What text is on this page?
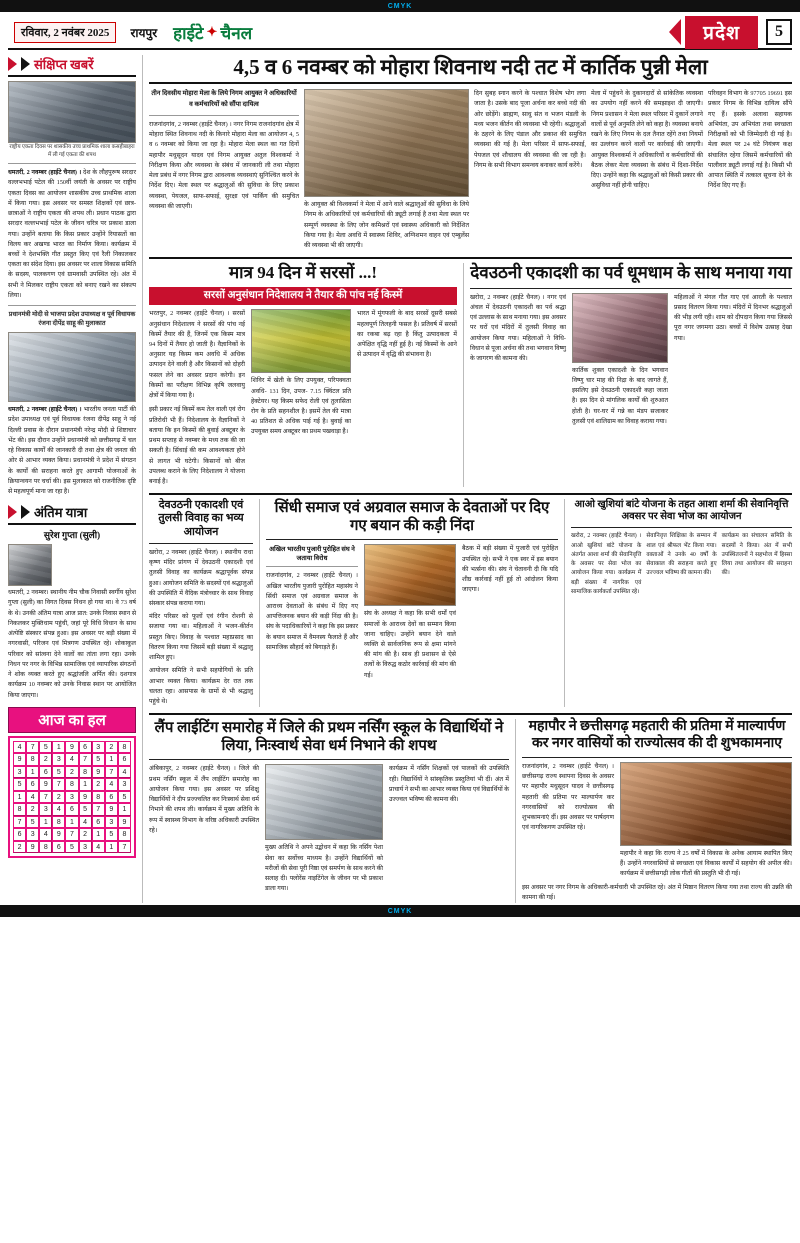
CMYK
रविवार, 2 नवंबर 2025	रायपुर हाईटे ✦ चैनल	प्रदेश	5
संक्षिप्त खबरें
राष्ट्रीय एकता दिवस पर शासकीय उच्च प्राथमिक शाला कसहीबाहरा में ली गई एकता की शपथ
धमतरी, 2 नवम्बर (हाईटे चैनल) । देश के लौहपुरूष सरदार वल्लभभाई पटेल की 150वीं जयंती के अवसर पर राष्ट्रीय एकता दिवस का आयोजन शासकीय उच्च प्राथमिक शाला में किया गया। इस अवसर पर समस्त शिक्षकों एवं छात्र-छात्राओं ने राष्ट्रीय एकता की शपथ ली। प्रधान पाठक द्वारा सरदार वल्लभभाई पटेल के जीवन चरित्र पर प्रकाश डाला गया। उन्होंने बताया कि किस प्रकार उन्होंने रियासतों का विलय कर अखण्ड भारत का निर्माण किया। कार्यक्रम में बच्चों ने देशभक्ति गीत प्रस्तुत किए एवं रैली निकालकर एकता का संदेश दिया। इस अवसर पर शाला विकास समिति के सदस्य, पालकगण एवं ग्रामवासी उपस्थित रहे। अंत में सभी ने मिलकर राष्ट्रीय एकता को बनाए रखने का संकल्प लिया।
प्रधानमंत्री मोदी से भाजपा प्रदेश उपाध्यक्ष व पूर्व विधायक रंजना दीपेंद्र साहू की मुलाकात
धमतरी, 2 नवम्बर (हाईटे चैनल) । भारतीय जनता पार्टी की प्रदेश उपाध्यक्ष एवं पूर्व विधायक रंजना दीपेंद्र साहू ने नई दिल्ली प्रवास के दौरान प्रधानमंत्री नरेन्द्र मोदी से शिष्टाचार भेंट की। इस दौरान उन्होंने प्रधानमंत्री को छत्तीसगढ़ में चल रहे विकास कार्यों की जानकारी दी तथा क्षेत्र की जनता की ओर से आभार व्यक्त किया। प्रधानमंत्री ने प्रदेश में संगठन के कार्यों की सराहना करते हुए आगामी योजनाओं के क्रियान्वयन पर चर्चा की। इस मुलाकात को राजनीतिक दृष्टि से महत्वपूर्ण माना जा रहा है।
अंतिम यात्रा
सुरेश गुप्ता (सुली)
धमतरी, 2 नवम्बर। स्थानीय नीम चौक निवासी स्वर्गीय सुरेश गुप्ता (सुली) का विगत दिवस निधन हो गया था। वे 73 वर्ष के थे। उनकी अंतिम यात्रा आज प्रात: उनके निवास स्थान से निकलकर मुक्तिधाम पहुंची, जहां पूरे विधि विधान के साथ अंत्येष्टि संस्कार संपन्न हुआ। इस अवसर पर बड़ी संख्या में नगरवासी, परिजन एवं मित्रगण उपस्थित रहे। शोकाकुल परिवार को सांत्वना देने वालों का तांता लगा रहा। उनके निधन पर नगर के विभिन्न सामाजिक एवं व्यापारिक संगठनों ने शोक व्यक्त करते हुए श्रद्धांजलि अर्पित की। दशगात्र कार्यक्रम 10 नवम्बर को उनके निवास स्थान पर आयोजित किया जाएगा।
आज का हल
4	7	5	1	9	6	3	2	8
9	8	2	3	4	7	5	1	6
3	1	6	5	2	8	9	7	4
5	6	9	7	8	1	2	4	3
1	4	7	2	3	9	8	6	5
8	2	3	4	6	5	7	9	1
7	5	1	8	1	4	6	3	9
6	3	4	9	7	2	1	5	8
2	9	8	6	5	3	4	1	7
4,5 व 6 नवम्बर को मोहारा शिवनाथ नदी तट में कार्तिक पुन्नी मेला
तीन दिवसीय मोहारा मेला के लिये निगम आयुक्त ने अधिकारियों व कर्मचारियों को सौंपा दायित्व
राजनांदगांव, 2 नवम्बर (हाईटे चैनल) । नगर निगम राजनांदगांव क्षेत्र में मोहारा स्थित शिवनाथ नदी के किनारे मोहारा मेला का आयोजन 4, 5 व 6 नवम्बर को किया जा रहा है। मोहारा मेला स्थल का गत दिनों महापौर मधुसूदन यादव एवं निगम आयुक्त अतुल विश्वकर्मा ने निरीक्षण किया और व्यवस्था के संबंध में जानकारी ली तथा मोहारा मेला प्रबंध में नगर निगम द्वारा आवश्यक व्यवस्थाएं सुनिश्चित करने के निर्देश दिए। मेला स्थल पर श्रद्धालुओं की सुविधा के लिए प्रकाश व्यवस्था, पेयजल, साफ-सफाई, सुरक्षा एवं पार्किंग की समुचित व्यवस्था की जाएगी।	के आयुक्त श्री विश्वकर्मा ने मेला में आने वाले श्रद्धालुओं की सुविधा के लिये निगम के अधिकारियों एवं कर्मचारियों की ड्यूटी लगाई है तथा मेला स्थल पर सम्पूर्ण व्यवस्था के लिए जोन कमिश्नरों एवं स्वास्थ्य अधिकारी को निर्देशित किया गया है। मेला अवधि में स्वास्थ्य शिविर, अग्निशमन वाहन एवं एम्बुलेंस की व्यवस्था भी की जाएगी।
दिन सुबह स्नान करने के पश्चात विशेष भोग लगा जाता है। उसके बाद पूजा अर्चना कर बच्चे नदी की ओर छोड़ेंगे। ब्राह्मण, साधु संत व भजन मंडली के मध्य भजन कीर्तन की व्यवस्था भी रहेगी। श्रद्धालुओं के ठहरने के लिए पंडाल और प्रकाश की समुचित व्यवस्था की गई है। मेला परिसर में साफ-सफाई, पेयजल एवं शौचालय की व्यवस्था की जा रही है। निगम के सभी विभाग समन्वय बनाकर कार्य करेंगे।
मेला में पहुंचने के दुकानदारों से सांकेतिक व्यवस्था का उपयोग नहीं करने की समझाइश दी जाएगी। निगम प्रशासन ने मेला स्थल परिसर में दुकानें लगाने वालों से पूर्व अनुमति लेने को कहा है। व्यवस्था बनाये रखने के लिए निगम के दल तैनात रहेंगे तथा नियमों का उल्लंघन करने वालों पर कार्रवाई की जाएगी। आयुक्त विश्वकर्मा ने अधिकारियों व कर्मचारियों की बैठक लेकर मेला व्यवस्था के संबंध में दिशा-निर्देश दिए। उन्होंने कहा कि श्रद्धालुओं को किसी प्रकार की असुविधा नहीं होनी चाहिए।
परिवहन विभाग के 97705 19691 इस प्रकार निगम के विभिन्न दायित्व सौंपे गए हैं। इसके अलावा सहायक अभियंता, उप अभियंता तथा स्वच्छता निरीक्षकों को भी जिम्मेदारी दी गई है। मेला स्थल पर 24 घंटे नियंत्रण कक्ष संचालित रहेगा जिसमें कर्मचारियों की पालीवार ड्यूटी लगाई गई है। किसी भी आपात स्थिति में तत्काल सूचना देने के निर्देश दिए गए हैं।
मात्र 94 दिन में सरसों ...!
सरसों अनुसंधान निदेशालय ने तैयार की पांच नई किस्में
भरतपुर, 2 नवम्बर (हाईटे चैनल) । सरसों अनुसंधान निदेशालय ने सरसों की पांच नई किस्में तैयार की हैं, जिनमें एक किस्म मात्र 94 दिनों में तैयार हो जाती है। वैज्ञानिकों के अनुसार यह किस्म कम अवधि में अधिक उत्पादन देने वाली है और किसानों को दोहरी फसल लेने का अवसर प्रदान करेगी। इन किस्मों का परीक्षण विभिन्न कृषि जलवायु क्षेत्रों में किया गया है।
इसी प्रकार नई किस्में कम तेल वाली एवं रोग प्रतिरोधी भी हैं। निदेशालय के वैज्ञानिकों ने बताया कि इन किस्मों की बुवाई अक्टूबर के प्रथम सप्ताह से नवम्बर के मध्य तक की जा सकती है। सिंचाई की कम आवश्यकता होने से लागत भी घटेगी। किसानों को बीज उपलब्ध कराने के लिए निदेशालय ने योजना बनाई है।
शिविर में खेती के लिए उपयुक्त, परिपक्वता अवधि- 131 दिन, उपज- 7.15 क्विंटल प्रति हेक्टेयर। यह किस्म सफेद रोली एवं तुलासिता रोग के प्रति सहनशील है। इसमें तेल की मात्रा 40 प्रतिशत से अधिक पाई गई है। बुवाई का उपयुक्त समय अक्टूबर का प्रथम पखवाड़ा है।
भारत में मूंगफली के बाद सरसों दूसरी सबसे महत्वपूर्ण तिलहनी फसल है। प्रतिवर्ष में सरसों का रकबा बढ़ रहा है किंतु उत्पादकता में अपेक्षित वृद्धि नहीं हुई है। नई किस्मों के आने से उत्पादन में वृद्धि की संभावना है।
देवउठनी एकादशी का पर्व धूमधाम के साथ मनाया गया
खरोरा, 2 नवम्बर (हाईटे चैनल) । नगर एवं अंचल में देवउठनी एकादशी का पर्व श्रद्धा एवं उल्लास के साथ मनाया गया। इस अवसर पर घरों एवं मंदिरों में तुलसी विवाह का आयोजन किया गया। महिलाओं ने विधि-विधान से पूजा अर्चना की तथा भगवान विष्णु के जागरण की कामना की।
कार्तिक शुक्ल एकादशी के दिन भगवान विष्णु चार माह की निद्रा के बाद जागते हैं, इसलिए इसे देवउठनी एकादशी कहा जाता है। इस दिन से मांगलिक कार्यों की शुरुआत होती है। घर-घर में गन्ने का मंडप सजाकर तुलसी एवं शालिग्राम का विवाह कराया गया।
महिलाओं ने मंगल गीत गाए एवं आरती के पश्चात प्रसाद वितरण किया गया। मंदिरों में दिनभर श्रद्धालुओं की भीड़ लगी रही। शाम को दीपदान किया गया जिससे पूरा नगर जगमगा उठा। बच्चों में विशेष उत्साह देखा गया।
देवउठनी एकादशी एवं तुलसी विवाह का भव्य आयोजन
खरोरा, 2 नवम्बर (हाईटे चैनल) । स्थानीय राधा कृष्ण मंदिर प्रांगण में देवउठनी एकादशी एवं तुलसी विवाह का कार्यक्रम श्रद्धापूर्वक संपन्न हुआ। आयोजन समिति के सदस्यों एवं श्रद्धालुओं की उपस्थिति में वैदिक मंत्रोच्चार के साथ विवाह संस्कार संपन्न कराया गया।
मंदिर परिसर को फूलों एवं रंगीन रोशनी से सजाया गया था। महिलाओं ने भजन-कीर्तन प्रस्तुत किए। विवाह के पश्चात महाप्रसाद का वितरण किया गया जिसमें बड़ी संख्या में श्रद्धालु शामिल हुए।
आयोजन समिति ने सभी सहयोगियों के प्रति आभार व्यक्त किया। कार्यक्रम देर रात तक चलता रहा। आसपास के ग्रामों से भी श्रद्धालु पहुंचे थे।
सिंधी समाज एवं अग्रवाल समाज के देवताओं पर दिए गए बयान की कड़ी निंदा
अखिल भारतीय पुजारी पुरोहित संघ ने जताया विरोध
राजनांदगांव, 2 नवम्बर (हाईटे चैनल) । अखिल भारतीय पुजारी पुरोहित महासंघ ने सिंधी समाज एवं अग्रवाल समाज के आराध्य देवताओं के संबंध में दिए गए आपत्तिजनक बयान की कड़ी निंदा की है। संघ के पदाधिकारियों ने कहा कि इस प्रकार के बयान समाज में वैमनस्य फैलाते हैं और सामाजिक सौहार्द को बिगाड़ते हैं।
संघ के अध्यक्ष ने कहा कि सभी धर्मों एवं समाजों के आराध्य देवों का सम्मान किया जाना चाहिए। उन्होंने बयान देने वाले व्यक्ति से सार्वजनिक रूप से क्षमा मांगने की मांग की है। साथ ही प्रशासन से ऐसे तत्वों के विरुद्ध कठोर कार्रवाई की मांग की गई।
बैठक में बड़ी संख्या में पुजारी एवं पुरोहित उपस्थित रहे। सभी ने एक स्वर में इस बयान की भर्त्सना की। संघ ने चेतावनी दी कि यदि शीघ्र कार्रवाई नहीं हुई तो आंदोलन किया जाएगा।
आओ खुशियां बांटे योजना के तहत आशा शर्मा की सेवानिवृत्ति अवसर पर सेवा भोज का आयोजन
खरोरा, 2 नवम्बर (हाईटे चैनल) । आओ खुशियां बांटे योजना के अंतर्गत आशा शर्मा की सेवानिवृत्ति के अवसर पर सेवा भोज का आयोजन किया गया। कार्यक्रम में बड़ी संख्या में नागरिक एवं सामाजिक कार्यकर्ता उपस्थित रहे।
सेवानिवृत्त शिक्षिका के सम्मान में शाल एवं श्रीफल भेंट किया गया। वक्ताओं ने उनके 40 वर्षों के सेवाकाल की सराहना करते हुए उज्ज्वल भविष्य की कामना की।
कार्यक्रम का संचालन समिति के सदस्यों ने किया। अंत में सभी उपस्थितजनों ने सहभोज में हिस्सा लिया तथा आयोजन की सराहना की।
लैंप लाईटिंग समारोह में जिले की प्रथम नर्सिंग स्कूल के विद्यार्थियों ने लिया, निःस्वार्थ सेवा धर्म निभाने की शपथ
अंबिकापुर, 2 नवम्बर (हाईटे चैनल) । जिले की प्रथम नर्सिंग स्कूल में लैंप लाईटिंग समारोह का आयोजन किया गया। इस अवसर पर प्रशिक्षु विद्यार्थियों ने दीप प्रज्ज्वलित कर निःस्वार्थ सेवा धर्म निभाने की शपथ ली। कार्यक्रम में मुख्य अतिथि के रूप में स्वास्थ्य विभाग के वरिष्ठ अधिकारी उपस्थित रहे।
मुख्य अतिथि ने अपने उद्बोधन में कहा कि नर्सिंग पेशा सेवा का सर्वोच्च माध्यम है। उन्होंने विद्यार्थियों को मरीजों की सेवा पूरी निष्ठा एवं समर्पण के साथ करने की सलाह दी। फ्लोरेंस नाइटिंगेल के जीवन पर भी प्रकाश डाला गया।
कार्यक्रम में नर्सिंग शिक्षकों एवं पालकों की उपस्थिति रही। विद्यार्थियों ने सांस्कृतिक प्रस्तुतियां भी दीं। अंत में प्राचार्य ने सभी का आभार व्यक्त किया एवं विद्यार्थियों के उज्ज्वल भविष्य की कामना की।
महापौर ने छत्तीसगढ़ महतारी की प्रतिमा में माल्यार्पण कर नगर वासियों को राज्योत्सव की दी शुभकामनाए
राजनांदगांव, 2 नवम्बर (हाईटे चैनल) । छत्तीसगढ़ राज्य स्थापना दिवस के अवसर पर महापौर मधुसूदन यादव ने छत्तीसगढ़ महतारी की प्रतिमा पर माल्यार्पण कर नगरवासियों को राज्योत्सव की शुभकामनाएं दीं। इस अवसर पर पार्षदगण एवं नागरिकगण उपस्थित रहे।
महापौर ने कहा कि राज्य ने 25 वर्षों में विकास के अनेक आयाम स्थापित किए हैं। उन्होंने नगरवासियों से स्वच्छता एवं विकास कार्यों में सहयोग की अपील की। कार्यक्रम में छत्तीसगढ़ी लोक गीतों की प्रस्तुति भी दी गई।
इस अवसर पर नगर निगम के अधिकारी-कर्मचारी भी उपस्थित रहे। अंत में मिष्ठान वितरण किया गया तथा राज्य की उन्नति की कामना की गई।
CMYK
